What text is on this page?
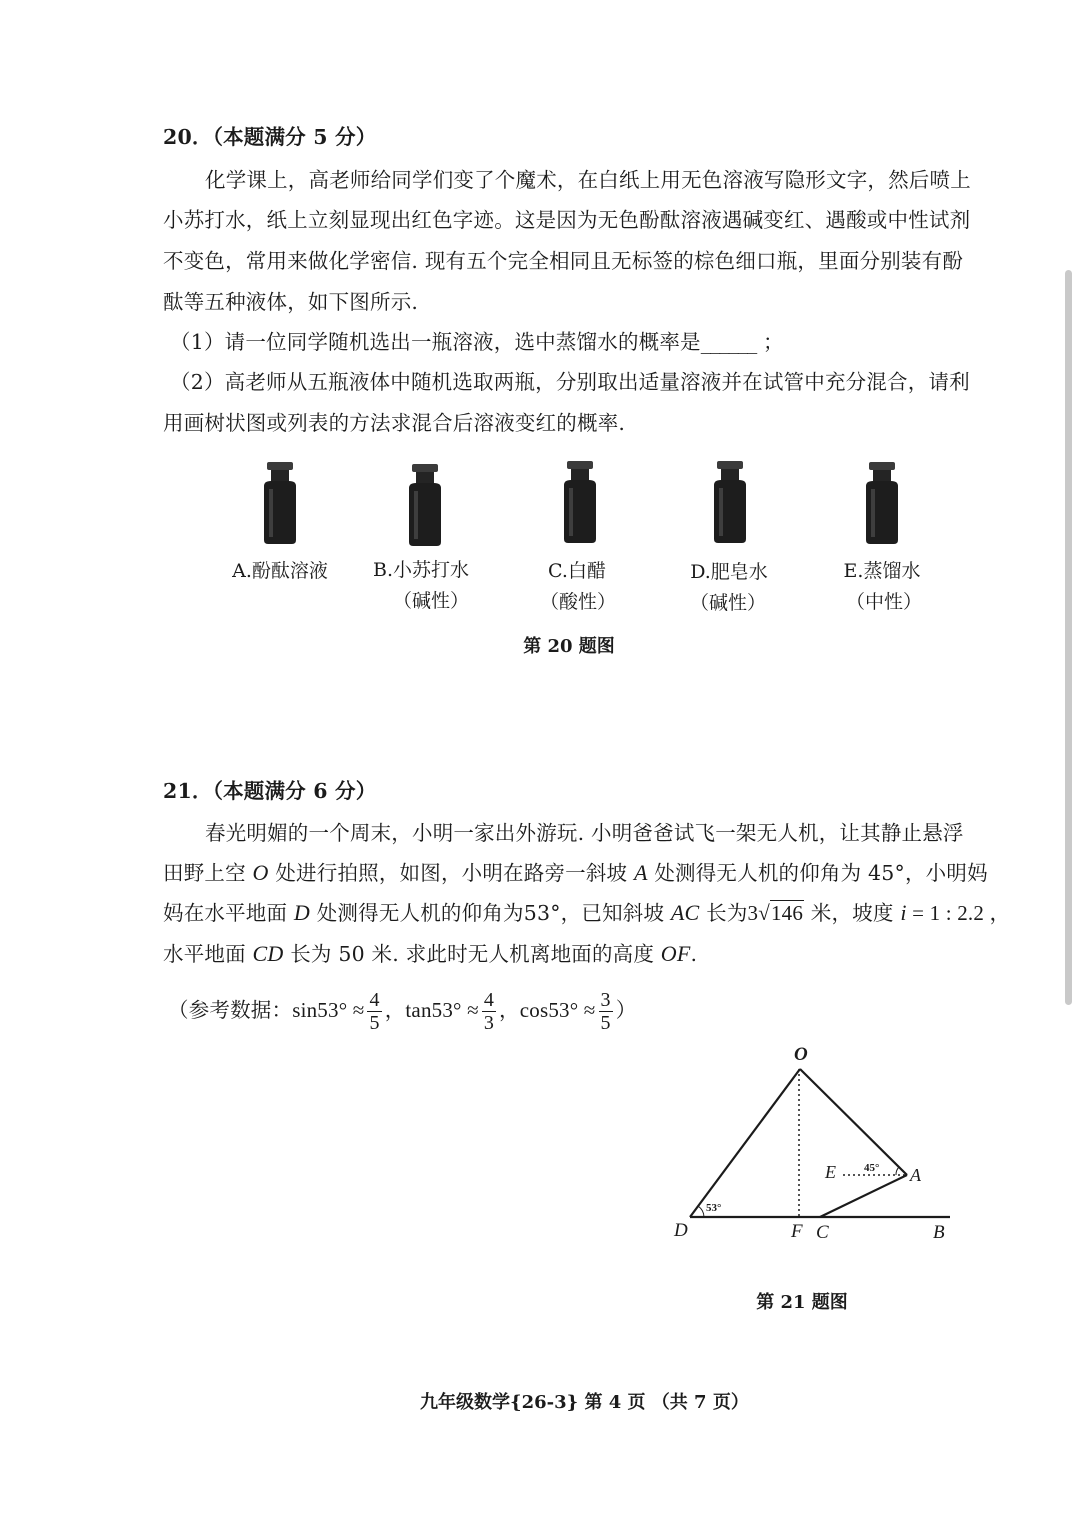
20．（本题满分 5 分）
化学课上，高老师给同学们变了个魔术，在白纸上用无色溶液写隐形文字，然后喷上
小苏打水，纸上立刻显现出红色字迹。这是因为无色酚酞溶液遇碱变红、遇酸或中性试剂
不变色，常用来做化学密信. 现有五个完全相同且无标签的棕色细口瓶，里面分别装有酚
酞等五种液体，如下图所示.
（1）请一位同学随机选出一瓶溶液，选中蒸馏水的概率是______ ；
（2）高老师从五瓶液体中随机选取两瓶，分别取出适量溶液并在试管中充分混合，请利
用画树状图或列表的方法求混合后溶液变红的概率.
A.酚酞溶液 B.小苏打水
（碱性）
C.白醋
（酸性）
D.肥皂水
（碱性）
E.蒸馏水
（中性）
第 20 题图
21．（本题满分 6 分）
春光明媚的一个周末，小明一家出外游玩. 小明爸爸试飞一架无人机，让其静止悬浮
田野上空 O 处进行拍照，如图，小明在路旁一斜坡 A 处测得无人机的仰角为 45°，小明妈
妈在水平地面 D 处测得无人机的仰角为53°，已知斜坡 AC 长为3√146 米，坡度 i = 1 : 2.2 ，
水平地面 CD 长为 50 米. 求此时无人机离地面的高度 OF.
（参考数据：$\sin 53^\circ \approx \frac{4}{5}$ ，$\tan 53^\circ \approx \frac{4}{3}$ ，$\cos 53^\circ \approx \frac{3}{5}$ ）
O
E	45° A
53°
D	F C	B
第 21 题图
九年级数学{26-3} 第 4 页 （共 7 页）
